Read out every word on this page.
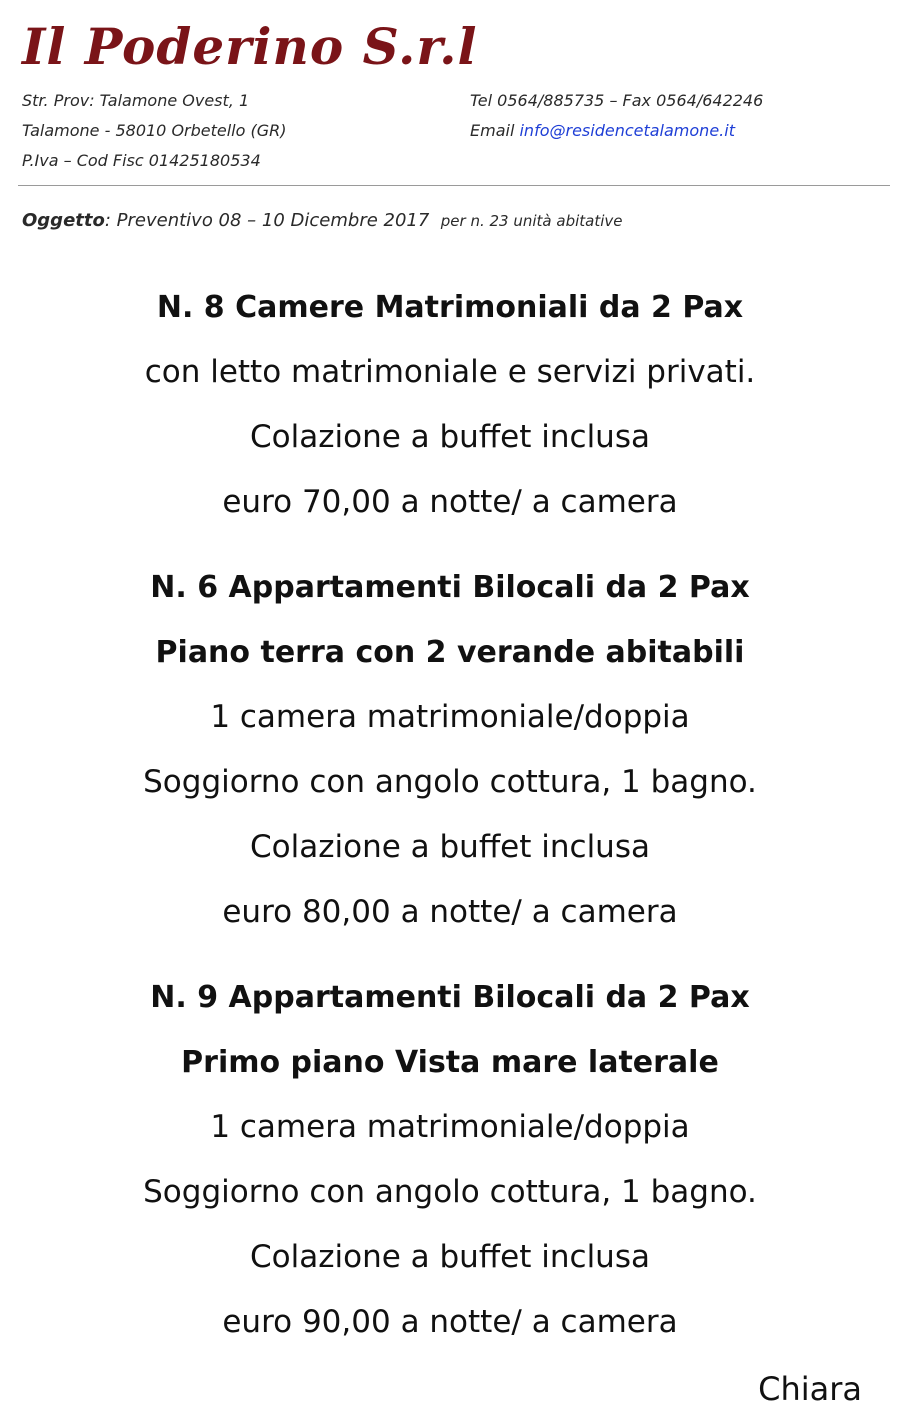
Il Poderino S.r.l
Str. Prov: Talamone Ovest, 1
Talamone - 58010 Orbetello (GR)
P.Iva – Cod Fisc 01425180534
Tel 0564/885735 – Fax 0564/642246
Email info@residencetalamone.it
Oggetto: Preventivo 08 – 10 Dicembre 2017 per n. 23 unità abitative
N. 8 Camere Matrimoniali da 2 Pax
con letto matrimoniale e servizi privati.
Colazione a buffet inclusa
euro 70,00 a notte/ a camera
N. 6 Appartamenti Bilocali da 2 Pax
Piano terra con 2 verande abitabili
1 camera matrimoniale/doppia
Soggiorno con angolo cottura, 1 bagno.
Colazione a buffet inclusa
euro 80,00 a notte/ a camera
N. 9 Appartamenti Bilocali da 2 Pax
Primo piano Vista mare laterale
1 camera matrimoniale/doppia
Soggiorno con angolo cottura, 1 bagno.
Colazione a buffet inclusa
euro 90,00 a notte/ a camera
Chiara
